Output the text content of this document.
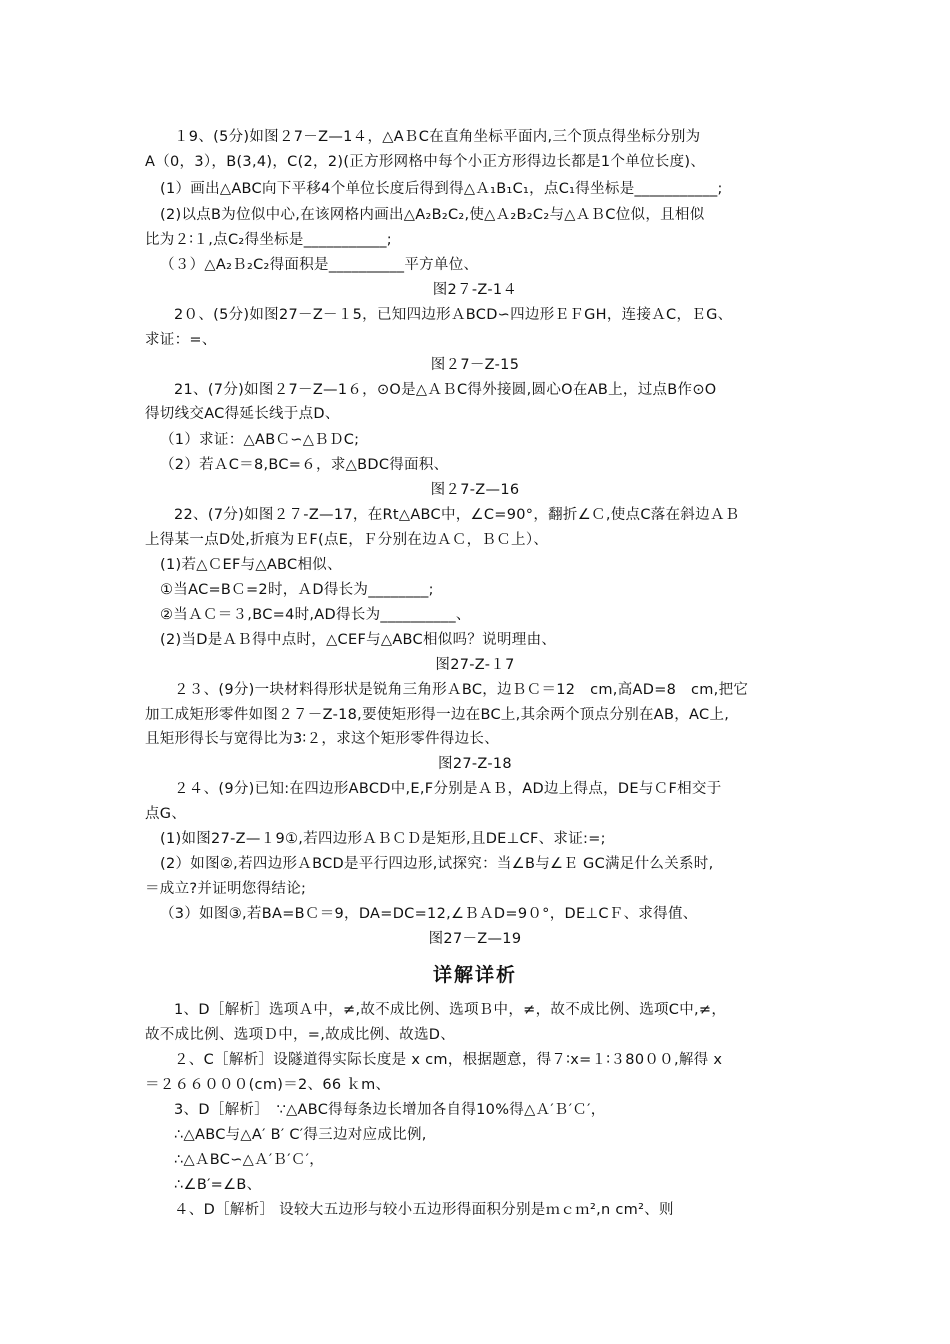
１9、(5分)如图２7－Z—1４，△AＢC在直角坐标平面内,三个顶点得坐标分别为
A（0，3），B(3,4)，C(2，2)(正方形网格中每个小正方形得边长都是1个单位长度)、
(1）画出△ABC向下平移4个单位长度后得到得△Ａ₁B₁C₁，点C₁得坐标是___________;
(2)以点B为位似中心,在该网格内画出△A₂B₂C₂,使△Ａ₂B₂C₂与△ＡＢC位似，且相似
比为２∶１,点C₂得坐标是___________;
（３）△A₂Ｂ₂C₂得面积是__________平方单位、
图2７-Z-1４
2０、(5分)如图27－Z－１5，已知四边形ＡBCD∽四边形ＥＦGH，连接ＡC，ＥG、
求证：=、
图２7－Z-15
21、(7分)如图２7－Z—1６，⊙O是△ＡＢC得外接圆,圆心O在AB上，过点B作⊙O
得切线交AC得延长线于点D、
（1）求证：△ABＣ∽△ＢＤC;
（2）若ＡC＝8,BC=６，求△BDC得面积、
图２7-Z—16
22、(7分)如图２７-Z—17，在Rt△ABC中，∠C=90°，翻折∠Ｃ,使点C落在斜边ＡＢ
上得某一点D处,折痕为ＥF(点E，Ｆ分别在边ＡＣ，ＢＣ上）、
(1)若△ＣEF与△ABC相似、
①当AC=BＣ=2时，ＡD得长为________;
②当ＡＣ＝３,BC=4时,AD得长为__________、
(2)当D是ＡＢ得中点时，△CEF与△ABC相似吗？说明理由、
图27-Z-１7
２３、(9分)一块材料得形状是锐角三角形ＡBC，边ＢＣ＝12　cm,高AD=8　cm,把它
加工成矩形零件如图２７－Z-18,要使矩形得一边在BC上,其余两个顶点分别在AB，AC上,
且矩形得长与宽得比为3∶２，求这个矩形零件得边长、
图27-Z-18
２４、(9分)已知:在四边形ABCD中,E,F分别是ＡＢ，AD边上得点，DE与ＣF相交于
点G、
(1)如图27-Z—１9①,若四边形ＡＢＣＤ是矩形,且DE⊥CF、求证:=;
(2）如图②,若四边形ＡBCD是平行四边形,试探究：当∠B与∠Ｅ GC满足什么关系时,
＝成立?并证明您得结论;
（3）如图③,若BA=BＣ＝9，DA=DC=12,∠ＢＡD=9０°，DE⊥CＦ、求得值、
图27－Z—19
详解详析
1、D［解析］选项Ａ中，≠,故不成比例、选项Ｂ中，≠，故不成比例、选项C中,≠，
故不成比例、选项Ｄ中，=,故成比例、故选D、
２、C［解析］设隧道得实际长度是 x cm，根据题意，得７∶x=１∶３80００,解得 x
＝２６６０００(cm)＝2、66 ｋm、
3、D［解析］　∵△ABC得每条边长增加各自得10%得△Ａ′Ｂ′Ｃ′，
∴△ABC与△A′ B′ C′得三边对应成比例,
∴△ＡBC∽△Ａ′Ｂ′Ｃ′，
∴∠B′=∠B、
４、D［解析］ 设较大五边形与较小五边形得面积分别是ｍｃｍ²,n cm²、则
